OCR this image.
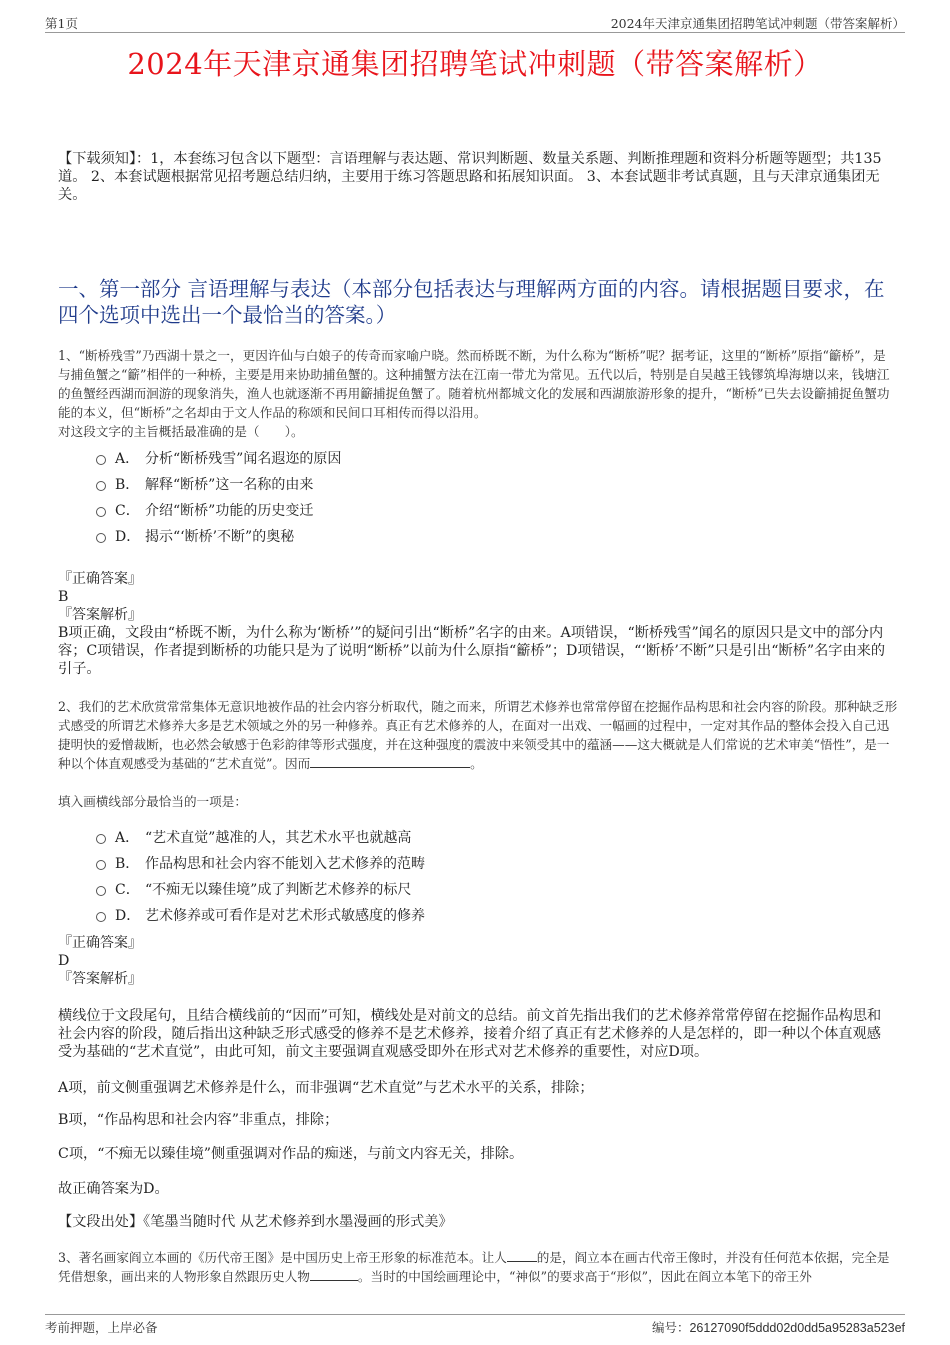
第1页	2024年天津京通集团招聘笔试冲刺题（带答案解析）
2024年天津京通集团招聘笔试冲刺题（带答案解析）
【下载须知】：1，本套练习包含以下题型：言语理解与表达题、常识判断题、数量关系题、判断推理题和资料分析题等题型；共135道。 2、本套试题根据常见招考题总结归纳，主要用于练习答题思路和拓展知识面。 3、本套试题非考试真题，且与天津京通集团无关。
一、第一部分 言语理解与表达（本部分包括表达与理解两方面的内容。请根据题目要求，在四个选项中选出一个最恰当的答案。）
1、“断桥残雪”乃西湖十景之一，更因许仙与白娘子的传奇而家喻户晓。然而桥既不断，为什么称为“断桥”呢？据考证，这里的“断桥”原指“籪桥”，是与捕鱼蟹之“籪”相伴的一种桥，主要是用来协助捕鱼蟹的。这种捕蟹方法在江南一带尤为常见。五代以后，特别是自吴越王钱镠筑埠海塘以来，钱塘江的鱼蟹经西湖而洄游的现象消失，渔人也就逐渐不再用籪捕捉鱼蟹了。随着杭州都城文化的发展和西湖旅游形象的提升，“断桥”已失去设籪捕捉鱼蟹功能的本义，但“断桥”之名却由于文人作品的称颂和民间口耳相传而得以沿用。
对这段文字的主旨概括最准确的是（　　）。
A． 分析“断桥残雪”闻名遐迩的原因
B． 解释“断桥”这一名称的由来
C． 介绍“断桥”功能的历史变迁
D． 揭示“‘断桥’不断”的奥秘
『正确答案』
B
『答案解析』
B项正确，文段由“桥既不断，为什么称为‘断桥’”的疑问引出“断桥”名字的由来。A项错误，“断桥残雪”闻名的原因只是文中的部分内容；C项错误，作者提到断桥的功能只是为了说明“断桥”以前为什么原指“籪桥”；D项错误，“‘断桥’不断”只是引出“断桥”名字由来的引子。
2、我们的艺术欣赏常常集体无意识地被作品的社会内容分析取代，随之而来，所谓艺术修养也常常停留在挖掘作品构思和社会内容的阶段。那种缺乏形式感受的所谓艺术修养大多是艺术领域之外的另一种修养。真正有艺术修养的人，在面对一出戏、一幅画的过程中，一定对其作品的整体会投入自己迅捷明快的爱憎裁断，也必然会敏感于色彩韵律等形式强度，并在这种强度的震波中来领受其中的蕴涵——这大概就是人们常说的艺术审美“悟性”，是一种以个体直观感受为基础的“艺术直觉”。因而	。
填入画横线部分最恰当的一项是：
A． “艺术直觉”越准的人，其艺术水平也就越高
B． 作品构思和社会内容不能划入艺术修养的范畴
C． “不痴无以臻佳境”成了判断艺术修养的标尺
D． 艺术修养或可看作是对艺术形式敏感度的修养
『正确答案』
D
『答案解析』
横线位于文段尾句，且结合横线前的“因而”可知，横线处是对前文的总结。前文首先指出我们的艺术修养常常停留在挖掘作品构思和社会内容的阶段，随后指出这种缺乏形式感受的修养不是艺术修养，接着介绍了真正有艺术修养的人是怎样的，即一种以个体直观感受为基础的“艺术直觉”，由此可知，前文主要强调直观感受即外在形式对艺术修养的重要性，对应D项。
A项，前文侧重强调艺术修养是什么，而非强调“艺术直觉”与艺术水平的关系，排除；
B项，“作品构思和社会内容”非重点，排除；
C项，“不痴无以臻佳境”侧重强调对作品的痴迷，与前文内容无关，排除。
故正确答案为D。
【文段出处】《笔墨当随时代 从艺术修养到水墨漫画的形式美》
3、著名画家阎立本画的《历代帝王图》是中国历史上帝王形象的标准范本。让人 的是，阎立本在画古代帝王像时，并没有任何范本依据，完全是凭借想象，画出来的人物形象自然跟历史人物	。当时的中国绘画理论中，“神似”的要求高于“形似”，因此在阎立本笔下的帝王外
考前押题，上岸必备	编号：26127090f5ddd02d0dd5a95283a523ef
